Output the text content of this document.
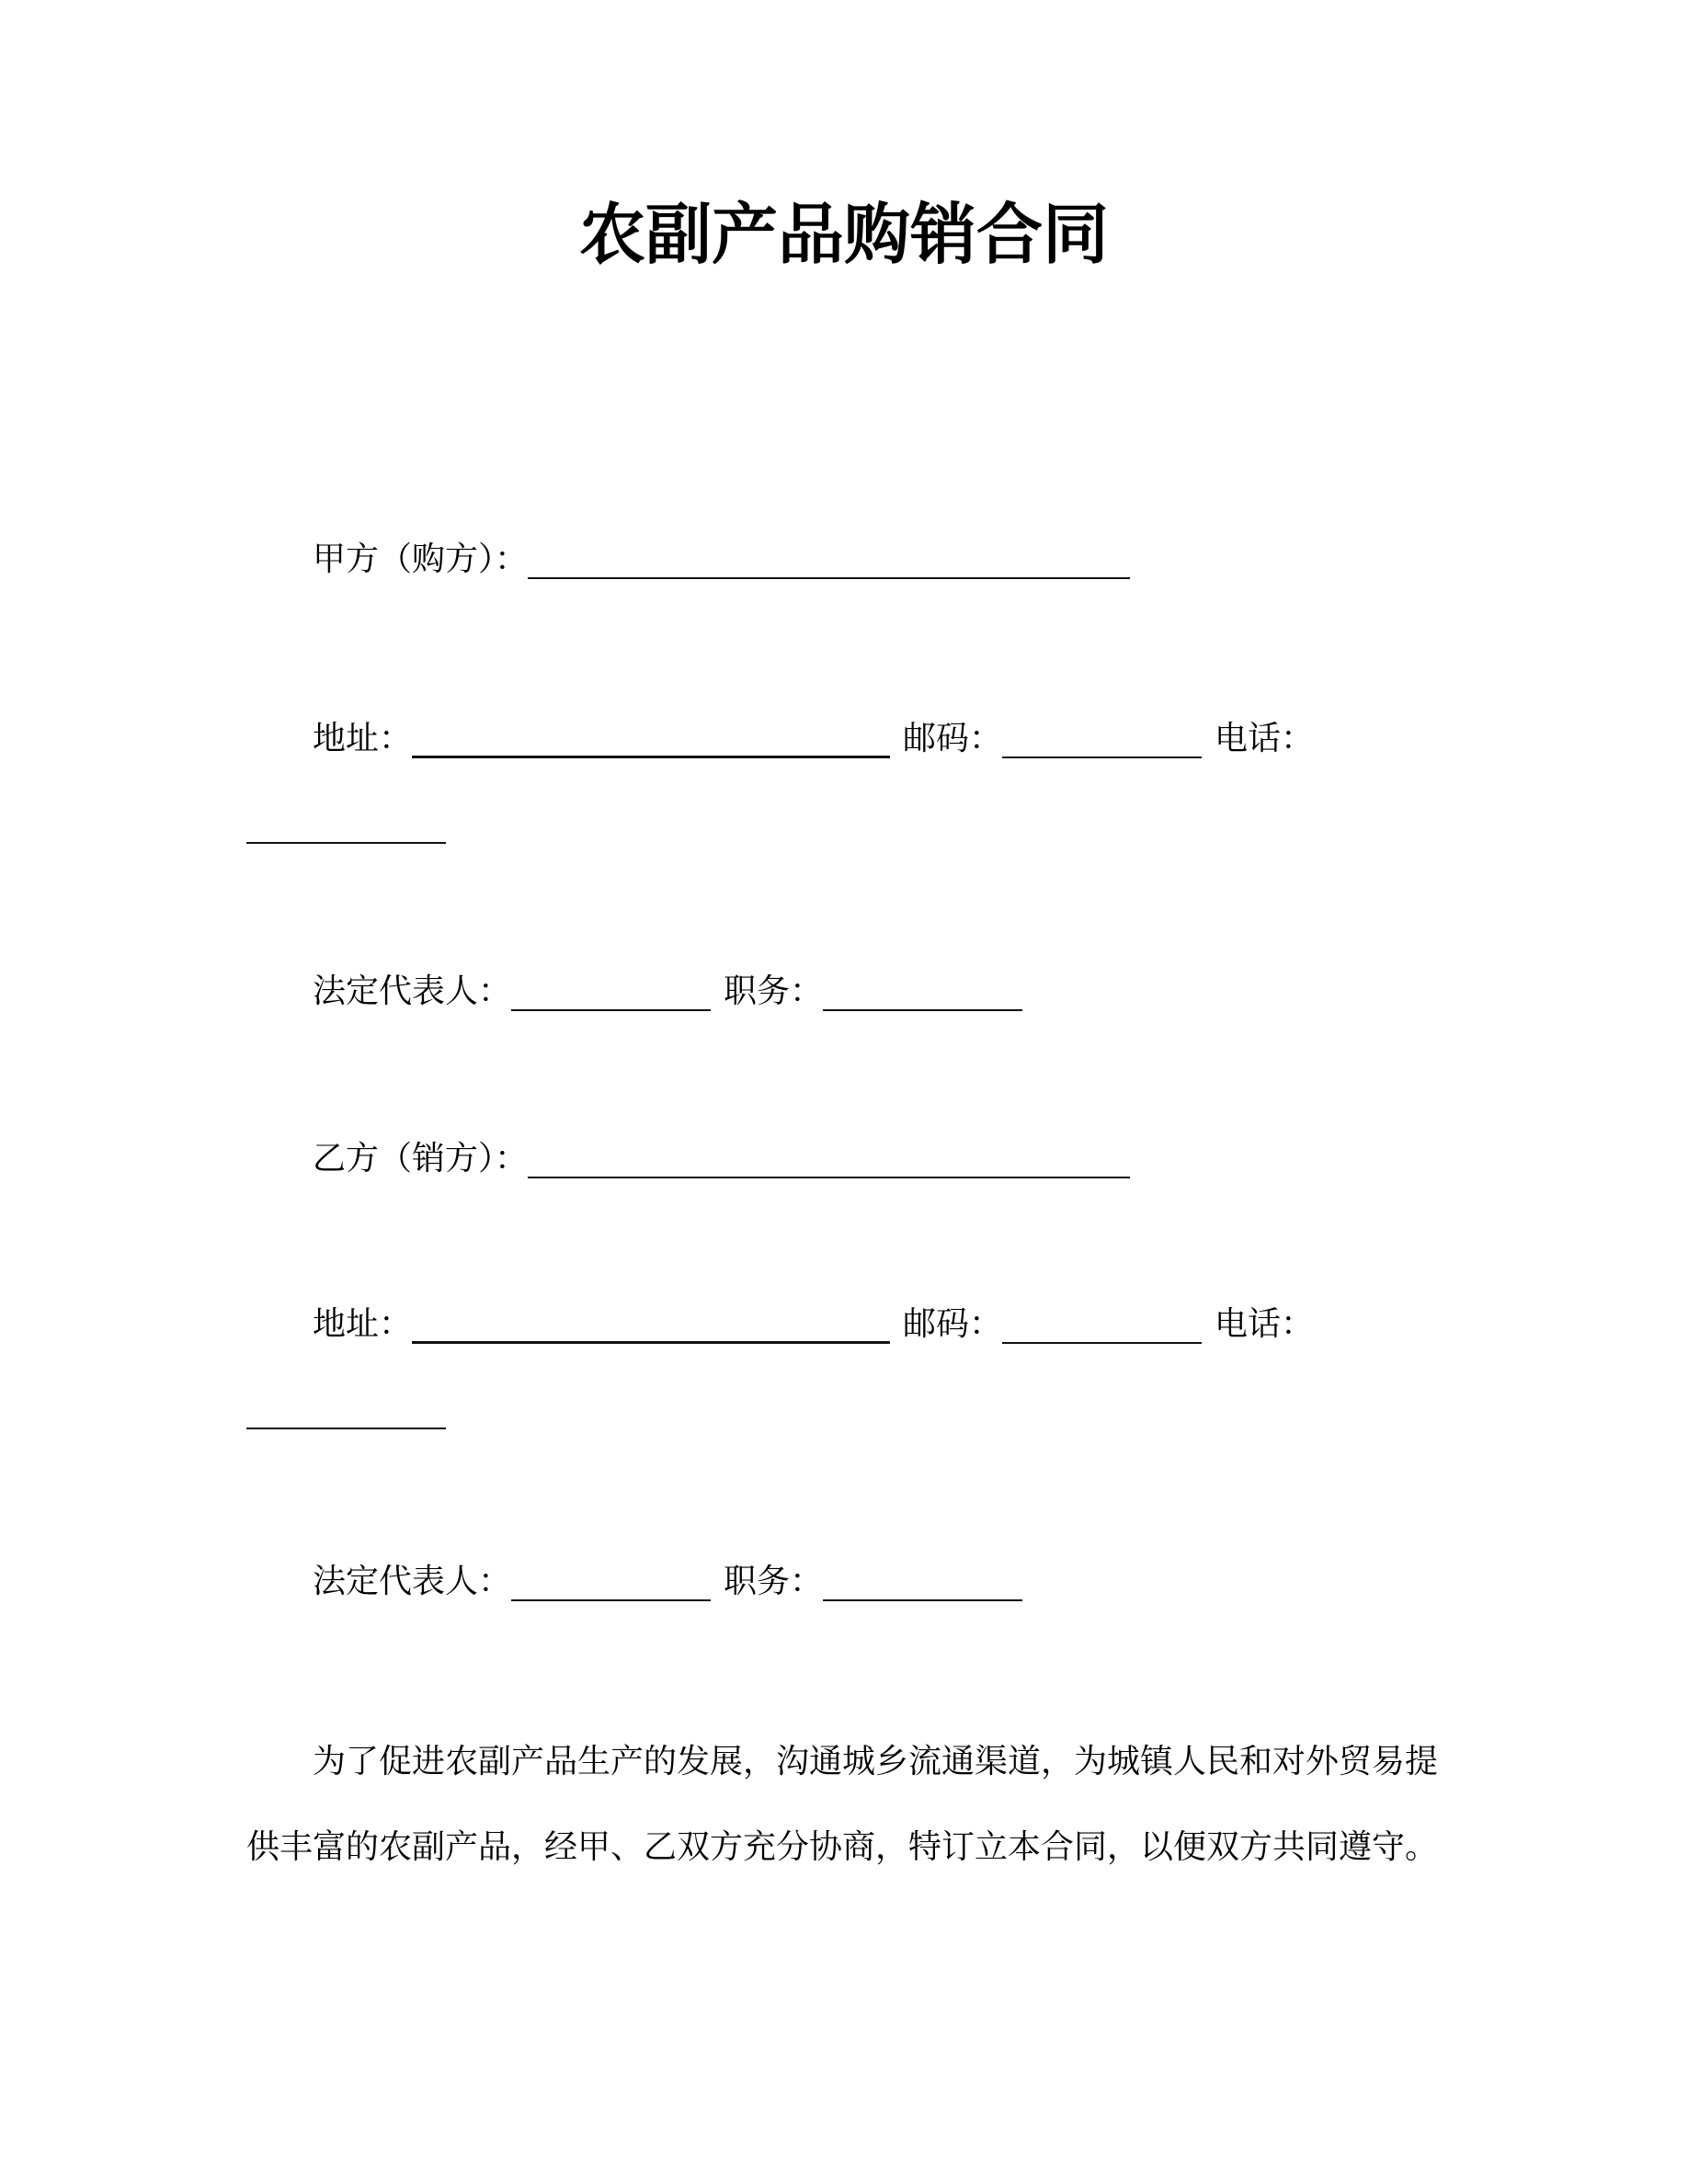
农副产品购销合同

甲方（购方）：

地址：	邮码：	电话：

法定代表人：	职务：

乙方（销方）：

地址：	邮码：	电话：

法定代表人：	职务：

为了促进农副产品生产的发展，沟通城乡流通渠道，为城镇人民和对外贸易提

供丰富的农副产品，经甲、乙双方充分协商，特订立本合同，以便双方共同遵守。
